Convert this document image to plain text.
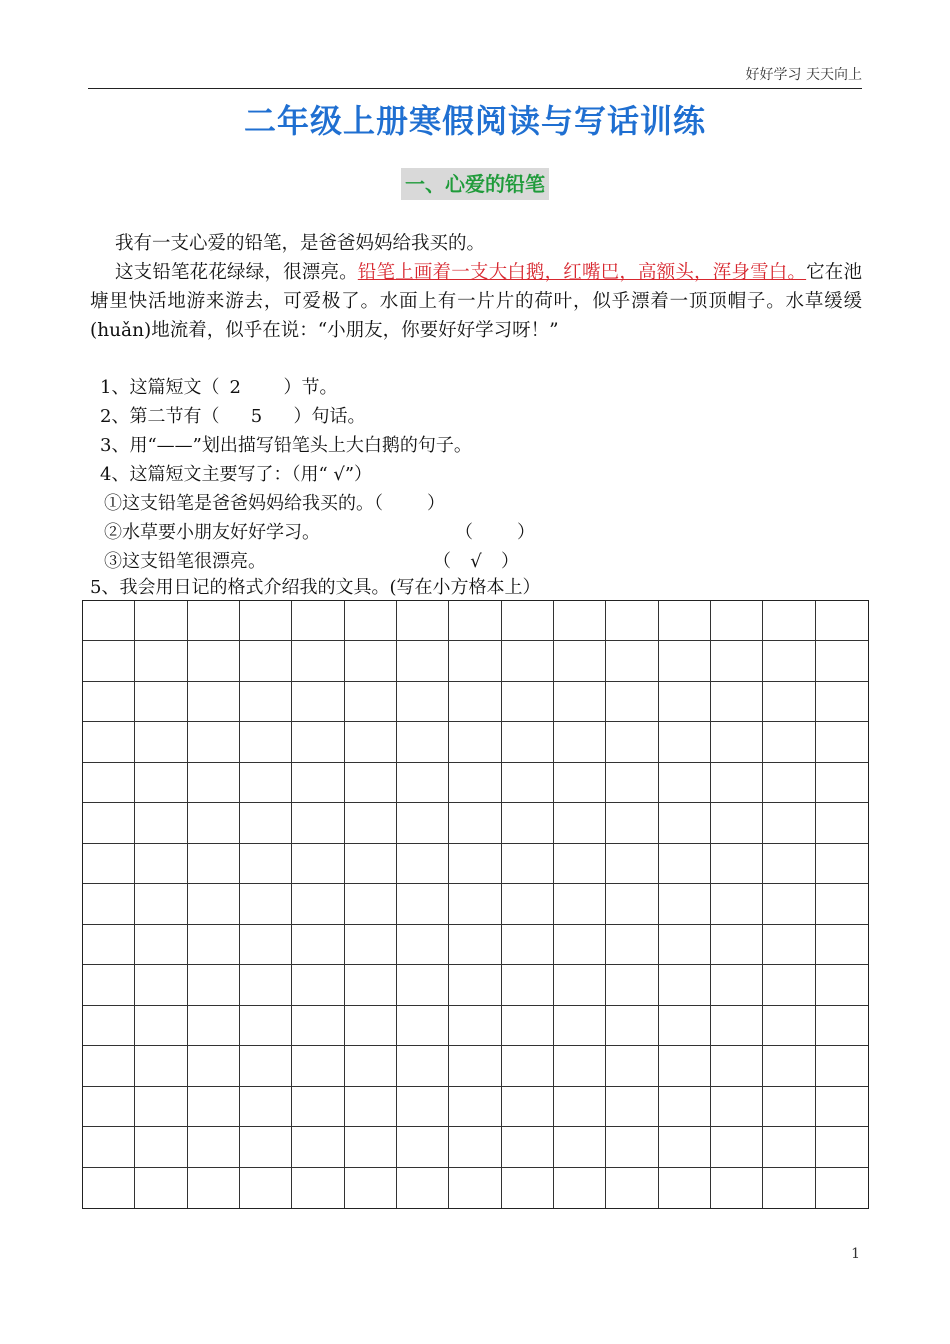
好好学习 天天向上
二年级上册寒假阅读与写话训练
一、心爱的铅笔

我有一支心爱的铅笔，是爸爸妈妈给我买的。

这支铅笔花花绿绿，很漂亮。铅笔上画着一支大白鹅，红嘴巴，高额头，浑身雪白。它在池塘里快活地游来游去，可爱极了。水面上有一片片的荷叶，似乎漂着一顶顶帽子。水草缓缓(huǎn)地流着，似乎在说：“小朋友，你要好好学习呀！”

1、这篇短文（ 2 ）节。
2、第二节有（ 5 ）句话。
3、用“——”划出描写铅笔头上大白鹅的句子。
4、这篇短文主要写了：（用“ √”）
①这支铅笔是爸爸妈妈给我买的。（ ）
②水草要小朋友好好学习。	（ ）
③这支铅笔很漂亮。	（ √ ）
5、我会用日记的格式介绍我的文具。(写在小方格本上）
1
